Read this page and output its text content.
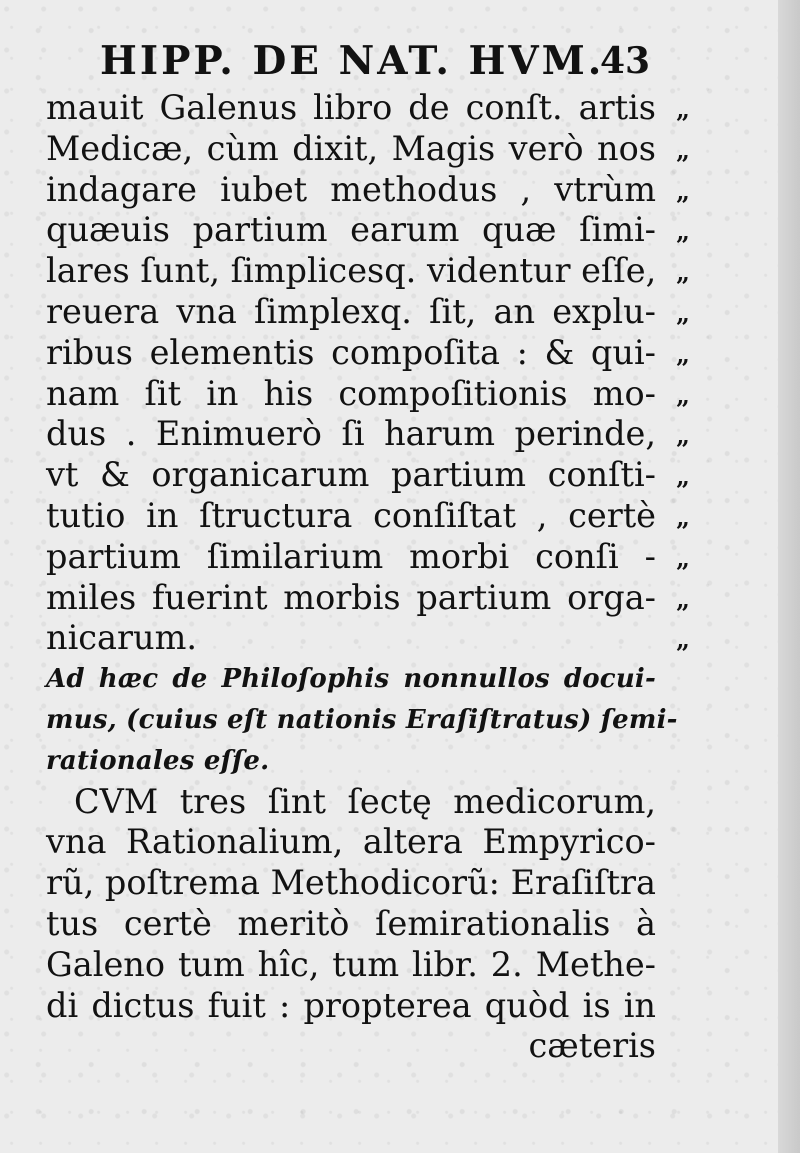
HIPP. DE NAT. HVM.
43
mauit Galenus libro de conſt. artis
Medicæ, cùm dixit, Magis verò nos
indagare iubet methodus , vtrùm
quæuis partium earum quæ ſimi-
lares ſunt, ſimplicesq. videntur eſſe,
reuera vna ſimplexq. ſit, an explu-
ribus elementis compoſita : & qui-
nam ſit in his compoſitionis mo-
dus . Enimuerò ſi harum perinde,
vt & organicarum partium conſti-
tutio in ſtructura conſiſtat , certè
partium ſimilarium morbi conſi -
miles fuerint morbis partium orga-
nicarum.
Ad hæc de Philoſophis nonnullos docui-
mus, (cuius eſt nationis Eraſiſtratus) ſemi-
rationales eſſe.
CVM tres ſint ſectę medicorum,
vna Rationalium, altera Empyrico-
rũ, poſtrema Methodicorũ: Eraſiſtra
tus certè meritò ſemirationalis à
Galeno tum hîc, tum libr. 2. Methe-
di dictus fuit : propterea quòd is in
cæteris
„
„
„
„
„
„
„
„
„
„
„
„
„
„
